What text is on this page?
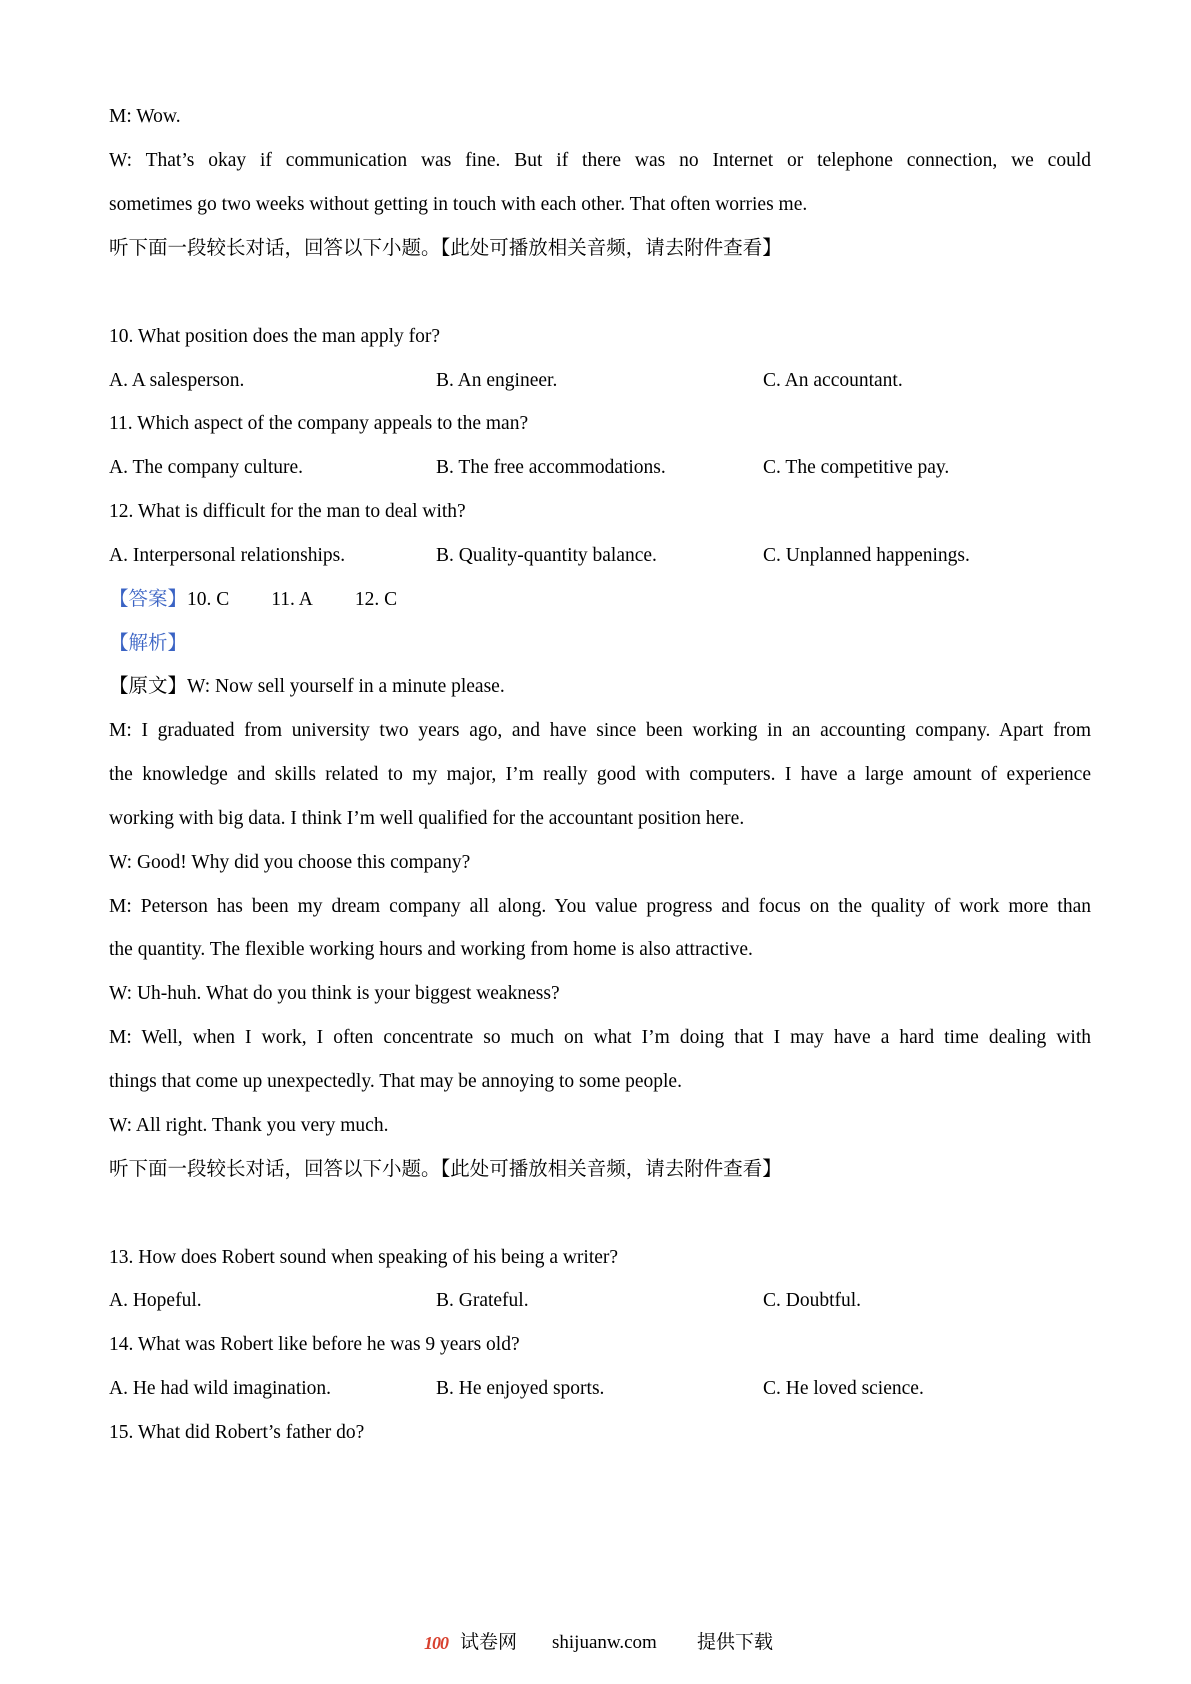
M: Wow.
W: That’s okay if communication was fine. But if there was no Internet or telephone connection, we could
sometimes go two weeks without getting in touch with each other. That often worries me.
听下面一段较长对话，回答以下小题。【此处可播放相关音频，请去附件查看】
10. What position does the man apply for?
A. A salesperson.	B. An engineer.	C. An accountant.
11. Which aspect of the company appeals to the man?
A. The company culture.	B. The free accommodations.	C. The competitive pay.
12. What is difficult for the man to deal with?
A. Interpersonal relationships.	B. Quality-quantity balance.	C. Unplanned happenings.
【答案】10. C 11. A 12. C
【解析】
【原文】W: Now sell yourself in a minute please.
M: I graduated from university two years ago, and have since been working in an accounting company. Apart from
the knowledge and skills related to my major, I’m really good with computers. I have a large amount of experience
working with big data. I think I’m well qualified for the accountant position here.
W: Good! Why did you choose this company?
M: Peterson has been my dream company all along. You value progress and focus on the quality of work more than
the quantity. The flexible working hours and working from home is also attractive.
W: Uh-huh. What do you think is your biggest weakness?
M: Well, when I work, I often concentrate so much on what I’m doing that I may have a hard time dealing with
things that come up unexpectedly. That may be annoying to some people.
W: All right. Thank you very much.
听下面一段较长对话，回答以下小题。【此处可播放相关音频，请去附件查看】
13. How does Robert sound when speaking of his being a writer?
A. Hopeful.	B. Grateful.	C. Doubtful.
14. What was Robert like before he was 9 years old?
A. He had wild imagination.	B. He enjoyed sports.	C. He loved science.
15. What did Robert’s father do?
100 试卷网 shijuanw.com 提供下载
